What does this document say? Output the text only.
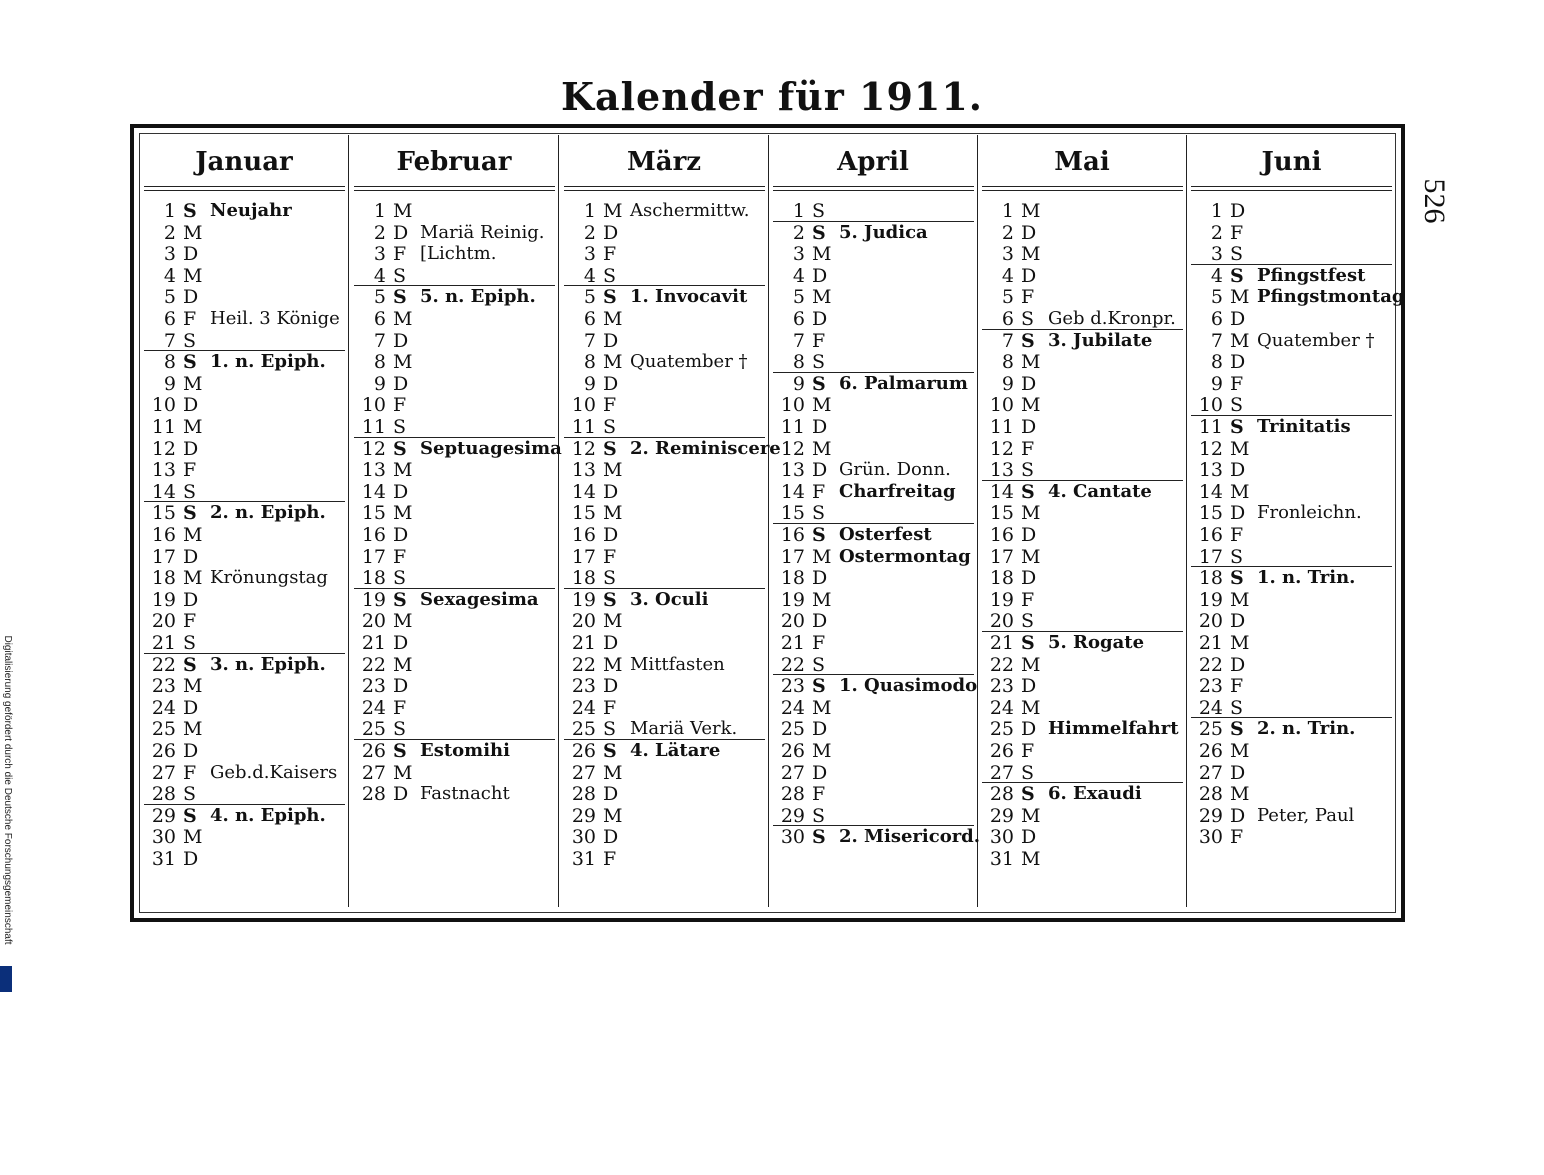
Kalender für 1911.
526
Digitalisierung gefördert durch die Deutsche Forschungsgemeinschaft
Januar
1 S Neujahr
2 M
3 D
4 M
5 D
6 F Heil. 3 Könige
7 S
8 S 1. n. Epiph.
9 M
10 D
11 M
12 D
13 F
14 S
15 S 2. n. Epiph.
16 M
17 D
18 M Krönungstag
19 D
20 F
21 S
22 S 3. n. Epiph.
23 M
24 D
25 M
26 D
27 F Geb.d.Kaisers
28 S
29 S 4. n. Epiph.
30 M
31 D
Februar
1 M
2 D Mariä Reinig.
3 F [Lichtm.
4 S
5 S 5. n. Epiph.
6 M
7 D
8 M
9 D
10 F
11 S
12 S Septuagesima
13 M
14 D
15 M
16 D
17 F
18 S
19 S Sexagesima
20 M
21 D
22 M
23 D
24 F
25 S
26 S Estomihi
27 M
28 D Fastnacht
März
1 M Aschermittw.
2 D
3 F
4 S
5 S 1. Invocavit
6 M
7 D
8 M Quatember †
9 D
10 F
11 S
12 S 2. Reminiscere
13 M
14 D
15 M
16 D
17 F
18 S
19 S 3. Oculi
20 M
21 D
22 M Mittfasten
23 D
24 F
25 S Mariä Verk.
26 S 4. Lätare
27 M
28 D
29 M
30 D
31 F
April
1 S
2 S 5. Judica
3 M
4 D
5 M
6 D
7 F
8 S
9 S 6. Palmarum
10 M
11 D
12 M
13 D Grün. Donn.
14 F Charfreitag
15 S
16 S Osterfest
17 M Ostermontag
18 D
19 M
20 D
21 F
22 S
23 S 1. Quasimodo
24 M
25 D
26 M
27 D
28 F
29 S
30 S 2. Misericord.
Mai
1 M
2 D
3 M
4 D
5 F
6 S Geb d.Kronpr.
7 S 3. Jubilate
8 M
9 D
10 M
11 D
12 F
13 S
14 S 4. Cantate
15 M
16 D
17 M
18 D
19 F
20 S
21 S 5. Rogate
22 M
23 D
24 M
25 D Himmelfahrt
26 F
27 S
28 S 6. Exaudi
29 M
30 D
31 M
Juni
1 D
2 F
3 S
4 S Pfingstfest
5 M Pfingstmontag
6 D
7 M Quatember †
8 D
9 F
10 S
11 S Trinitatis
12 M
13 D
14 M
15 D Fronleichn.
16 F
17 S
18 S 1. n. Trin.
19 M
20 D
21 M
22 D
23 F
24 S
25 S 2. n. Trin.
26 M
27 D
28 M
29 D Peter, Paul
30 F
